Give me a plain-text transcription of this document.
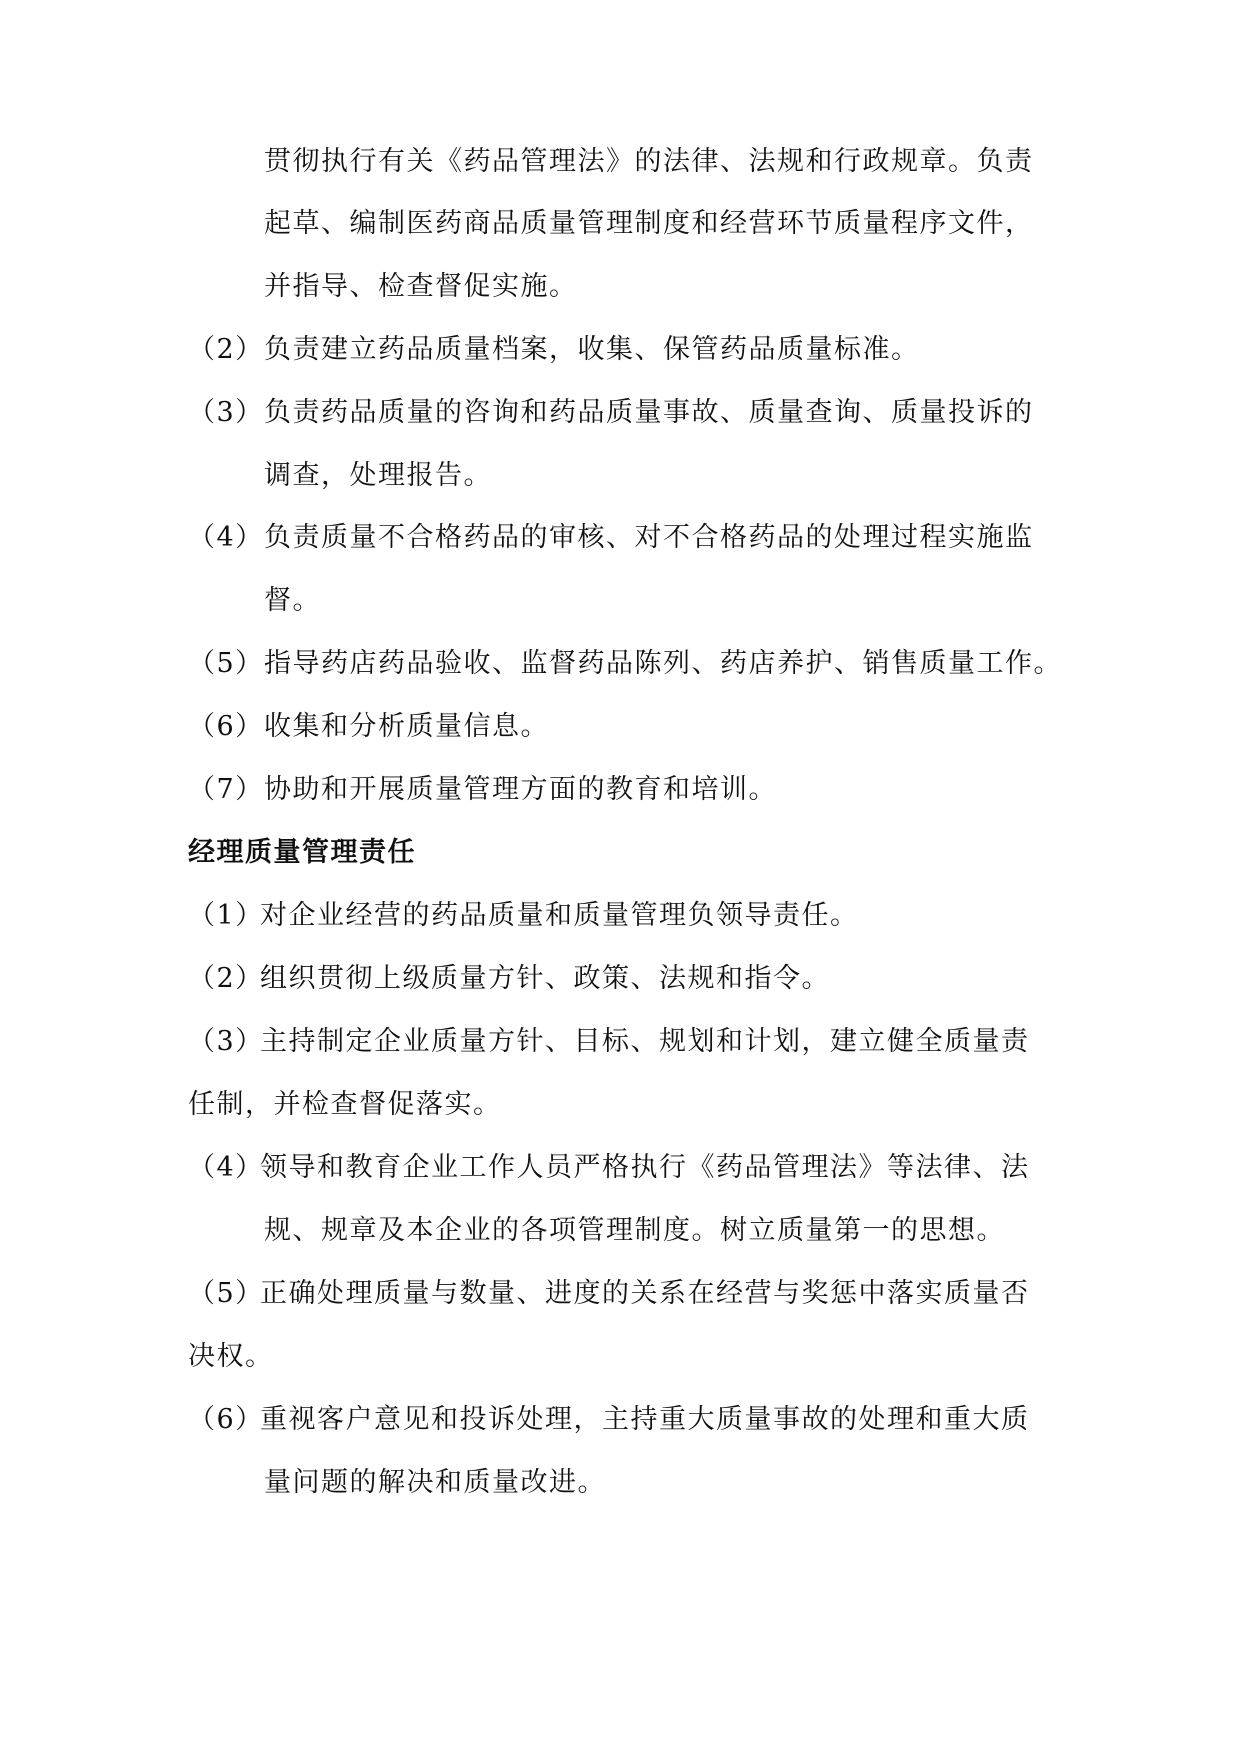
贯彻执行有关《药品管理法》的法律、法规和行政规章。负责
起草、编制医药商品质量管理制度和经营环节质量程序文件，
并指导、检查督促实施。
（2）负责建立药品质量档案，收集、保管药品质量标准。
（3）负责药品质量的咨询和药品质量事故、质量查询、质量投诉的
调查，处理报告。
（4）负责质量不合格药品的审核、对不合格药品的处理过程实施监
督。
（5）指导药店药品验收、监督药品陈列、药店养护、销售质量工作。
（6）收集和分析质量信息。
（7）协助和开展质量管理方面的教育和培训。
经理质量管理责任
（1）对企业经营的药品质量和质量管理负领导责任。
（2）组织贯彻上级质量方针、政策、法规和指令。
（3）主持制定企业质量方针、目标、规划和计划，建立健全质量责
任制，并检查督促落实。
（4）领导和教育企业工作人员严格执行《药品管理法》等法律、法
规、规章及本企业的各项管理制度。树立质量第一的思想。
（5）正确处理质量与数量、进度的关系在经营与奖惩中落实质量否
决权。
（6）重视客户意见和投诉处理，主持重大质量事故的处理和重大质
量问题的解决和质量改进。
